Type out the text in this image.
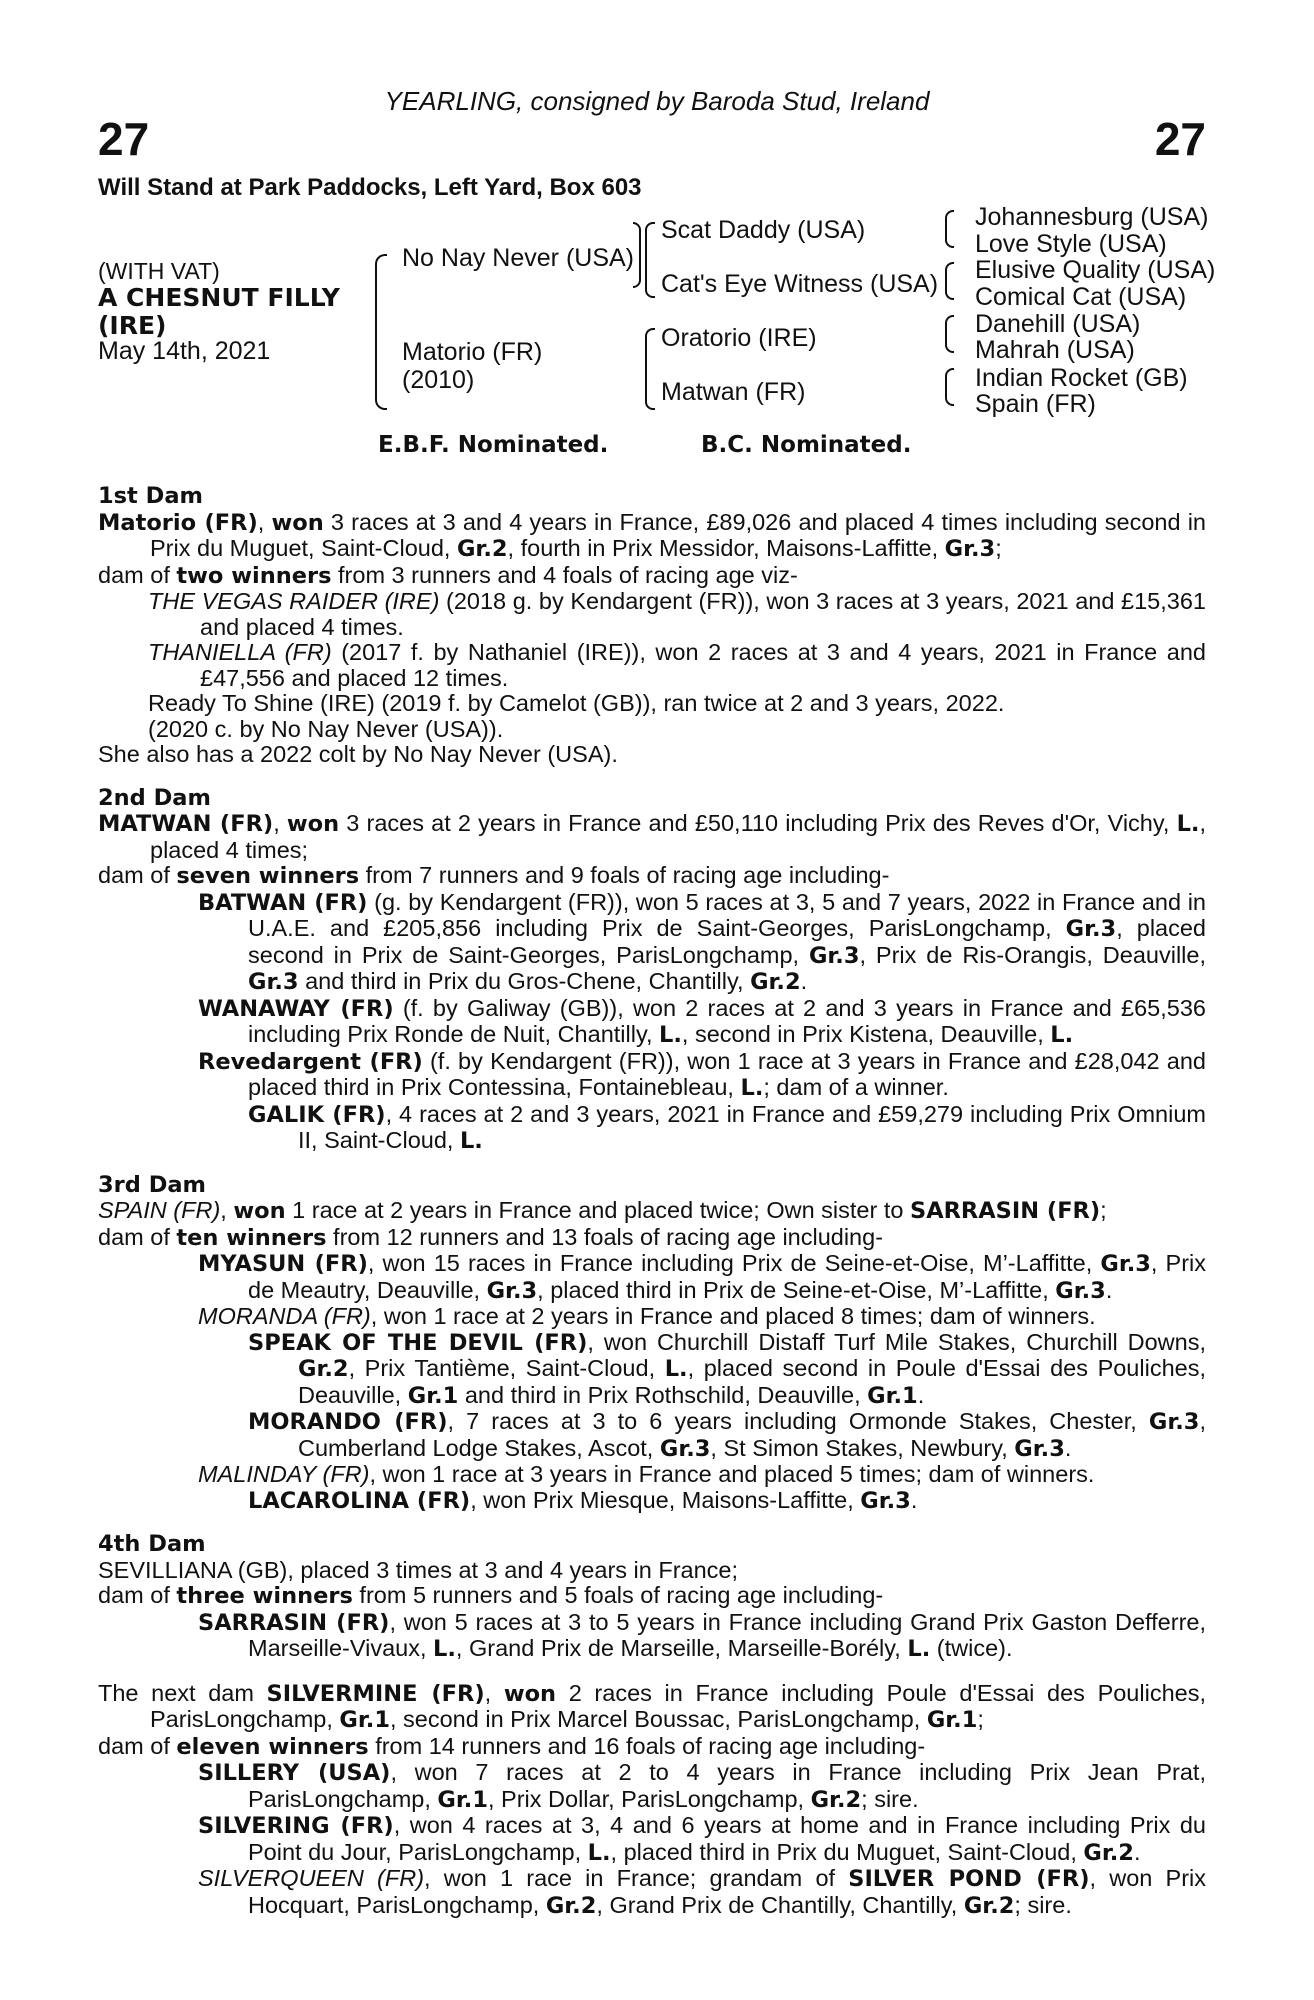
YEARLING, consigned by Baroda Stud, Ireland
27	27
Will Stand at Park Paddocks, Left Yard, Box 603
(WITH VAT)
A CHESNUT FILLY
(IRE)
May 14th, 2021
No Nay Never (USA)
Matorio (FR)
(2010)
Scat Daddy (USA)
Cat's Eye Witness (USA)
Oratorio (IRE)
Matwan (FR)
Johannesburg (USA)
Love Style (USA)
Elusive Quality (USA)
Comical Cat (USA)
Danehill (USA)
Mahrah (USA)
Indian Rocket (GB)
Spain (FR)
E.B.F. Nominated.	B.C. Nominated.

1st Dam

Matorio (FR), won 3 races at 3 and 4 years in France, £89,026 and placed 4 times including second in Prix du Muguet, Saint-Cloud, Gr.2, fourth in Prix Messidor, Maisons-Laffitte, Gr.3;

dam of two winners from 3 runners and 4 foals of racing age viz-

THE VEGAS RAIDER (IRE) (2018 g. by Kendargent (FR)), won 3 races at 3 years, 2021 and £15,361 and placed 4 times.

THANIELLA (FR) (2017 f. by Nathaniel (IRE)), won 2 races at 3 and 4 years, 2021 in France and £47,556 and placed 12 times.

Ready To Shine (IRE) (2019 f. by Camelot (GB)), ran twice at 2 and 3 years, 2022.

(2020 c. by No Nay Never (USA)).

She also has a 2022 colt by No Nay Never (USA).

2nd Dam

MATWAN (FR), won 3 races at 2 years in France and £50,110 including Prix des Reves d'Or, Vichy, L., placed 4 times;

dam of seven winners from 7 runners and 9 foals of racing age including-

BATWAN (FR) (g. by Kendargent (FR)), won 5 races at 3, 5 and 7 years, 2022 in France and in U.A.E. and £205,856 including Prix de Saint-Georges, ParisLongchamp, Gr.3, placed second in Prix de Saint-Georges, ParisLongchamp, Gr.3, Prix de Ris-Orangis, Deauville, Gr.3 and third in Prix du Gros-Chene, Chantilly, Gr.2.

WANAWAY (FR) (f. by Galiway (GB)), won 2 races at 2 and 3 years in France and £65,536 including Prix Ronde de Nuit, Chantilly, L., second in Prix Kistena, Deauville, L.

Revedargent (FR) (f. by Kendargent (FR)), won 1 race at 3 years in France and £28,042 and placed third in Prix Contessina, Fontainebleau, L.; dam of a winner.

GALIK (FR), 4 races at 2 and 3 years, 2021 in France and £59,279 including Prix Omnium II, Saint-Cloud, L.

3rd Dam

SPAIN (FR), won 1 race at 2 years in France and placed twice; Own sister to SARRASIN (FR);

dam of ten winners from 12 runners and 13 foals of racing age including-

MYASUN (FR), won 15 races in France including Prix de Seine-et-Oise, M’-Laffitte, Gr.3, Prix de Meautry, Deauville, Gr.3, placed third in Prix de Seine-et-Oise, M’-Laffitte, Gr.3.

MORANDA (FR), won 1 race at 2 years in France and placed 8 times; dam of winners.

SPEAK OF THE DEVIL (FR), won Churchill Distaff Turf Mile Stakes, Churchill Downs, Gr.2, Prix Tantième, Saint-Cloud, L., placed second in Poule d'Essai des Pouliches, Deauville, Gr.1 and third in Prix Rothschild, Deauville, Gr.1.

MORANDO (FR), 7 races at 3 to 6 years including Ormonde Stakes, Chester, Gr.3, Cumberland Lodge Stakes, Ascot, Gr.3, St Simon Stakes, Newbury, Gr.3.

MALINDAY (FR), won 1 race at 3 years in France and placed 5 times; dam of winners.

LACAROLINA (FR), won Prix Miesque, Maisons-Laffitte, Gr.3.

4th Dam

SEVILLIANA (GB), placed 3 times at 3 and 4 years in France;

dam of three winners from 5 runners and 5 foals of racing age including-

SARRASIN (FR), won 5 races at 3 to 5 years in France including Grand Prix Gaston Defferre, Marseille-Vivaux, L., Grand Prix de Marseille, Marseille-Borély, L. (twice).

The next dam SILVERMINE (FR), won 2 races in France including Poule d'Essai des Pouliches, ParisLongchamp, Gr.1, second in Prix Marcel Boussac, ParisLongchamp, Gr.1;

dam of eleven winners from 14 runners and 16 foals of racing age including-

SILLERY (USA), won 7 races at 2 to 4 years in France including Prix Jean Prat, ParisLongchamp, Gr.1, Prix Dollar, ParisLongchamp, Gr.2; sire.

SILVERING (FR), won 4 races at 3, 4 and 6 years at home and in France including Prix du Point du Jour, ParisLongchamp, L., placed third in Prix du Muguet, Saint-Cloud, Gr.2.

SILVERQUEEN (FR), won 1 race in France; grandam of SILVER POND (FR), won Prix Hocquart, ParisLongchamp, Gr.2, Grand Prix de Chantilly, Chantilly, Gr.2; sire.
